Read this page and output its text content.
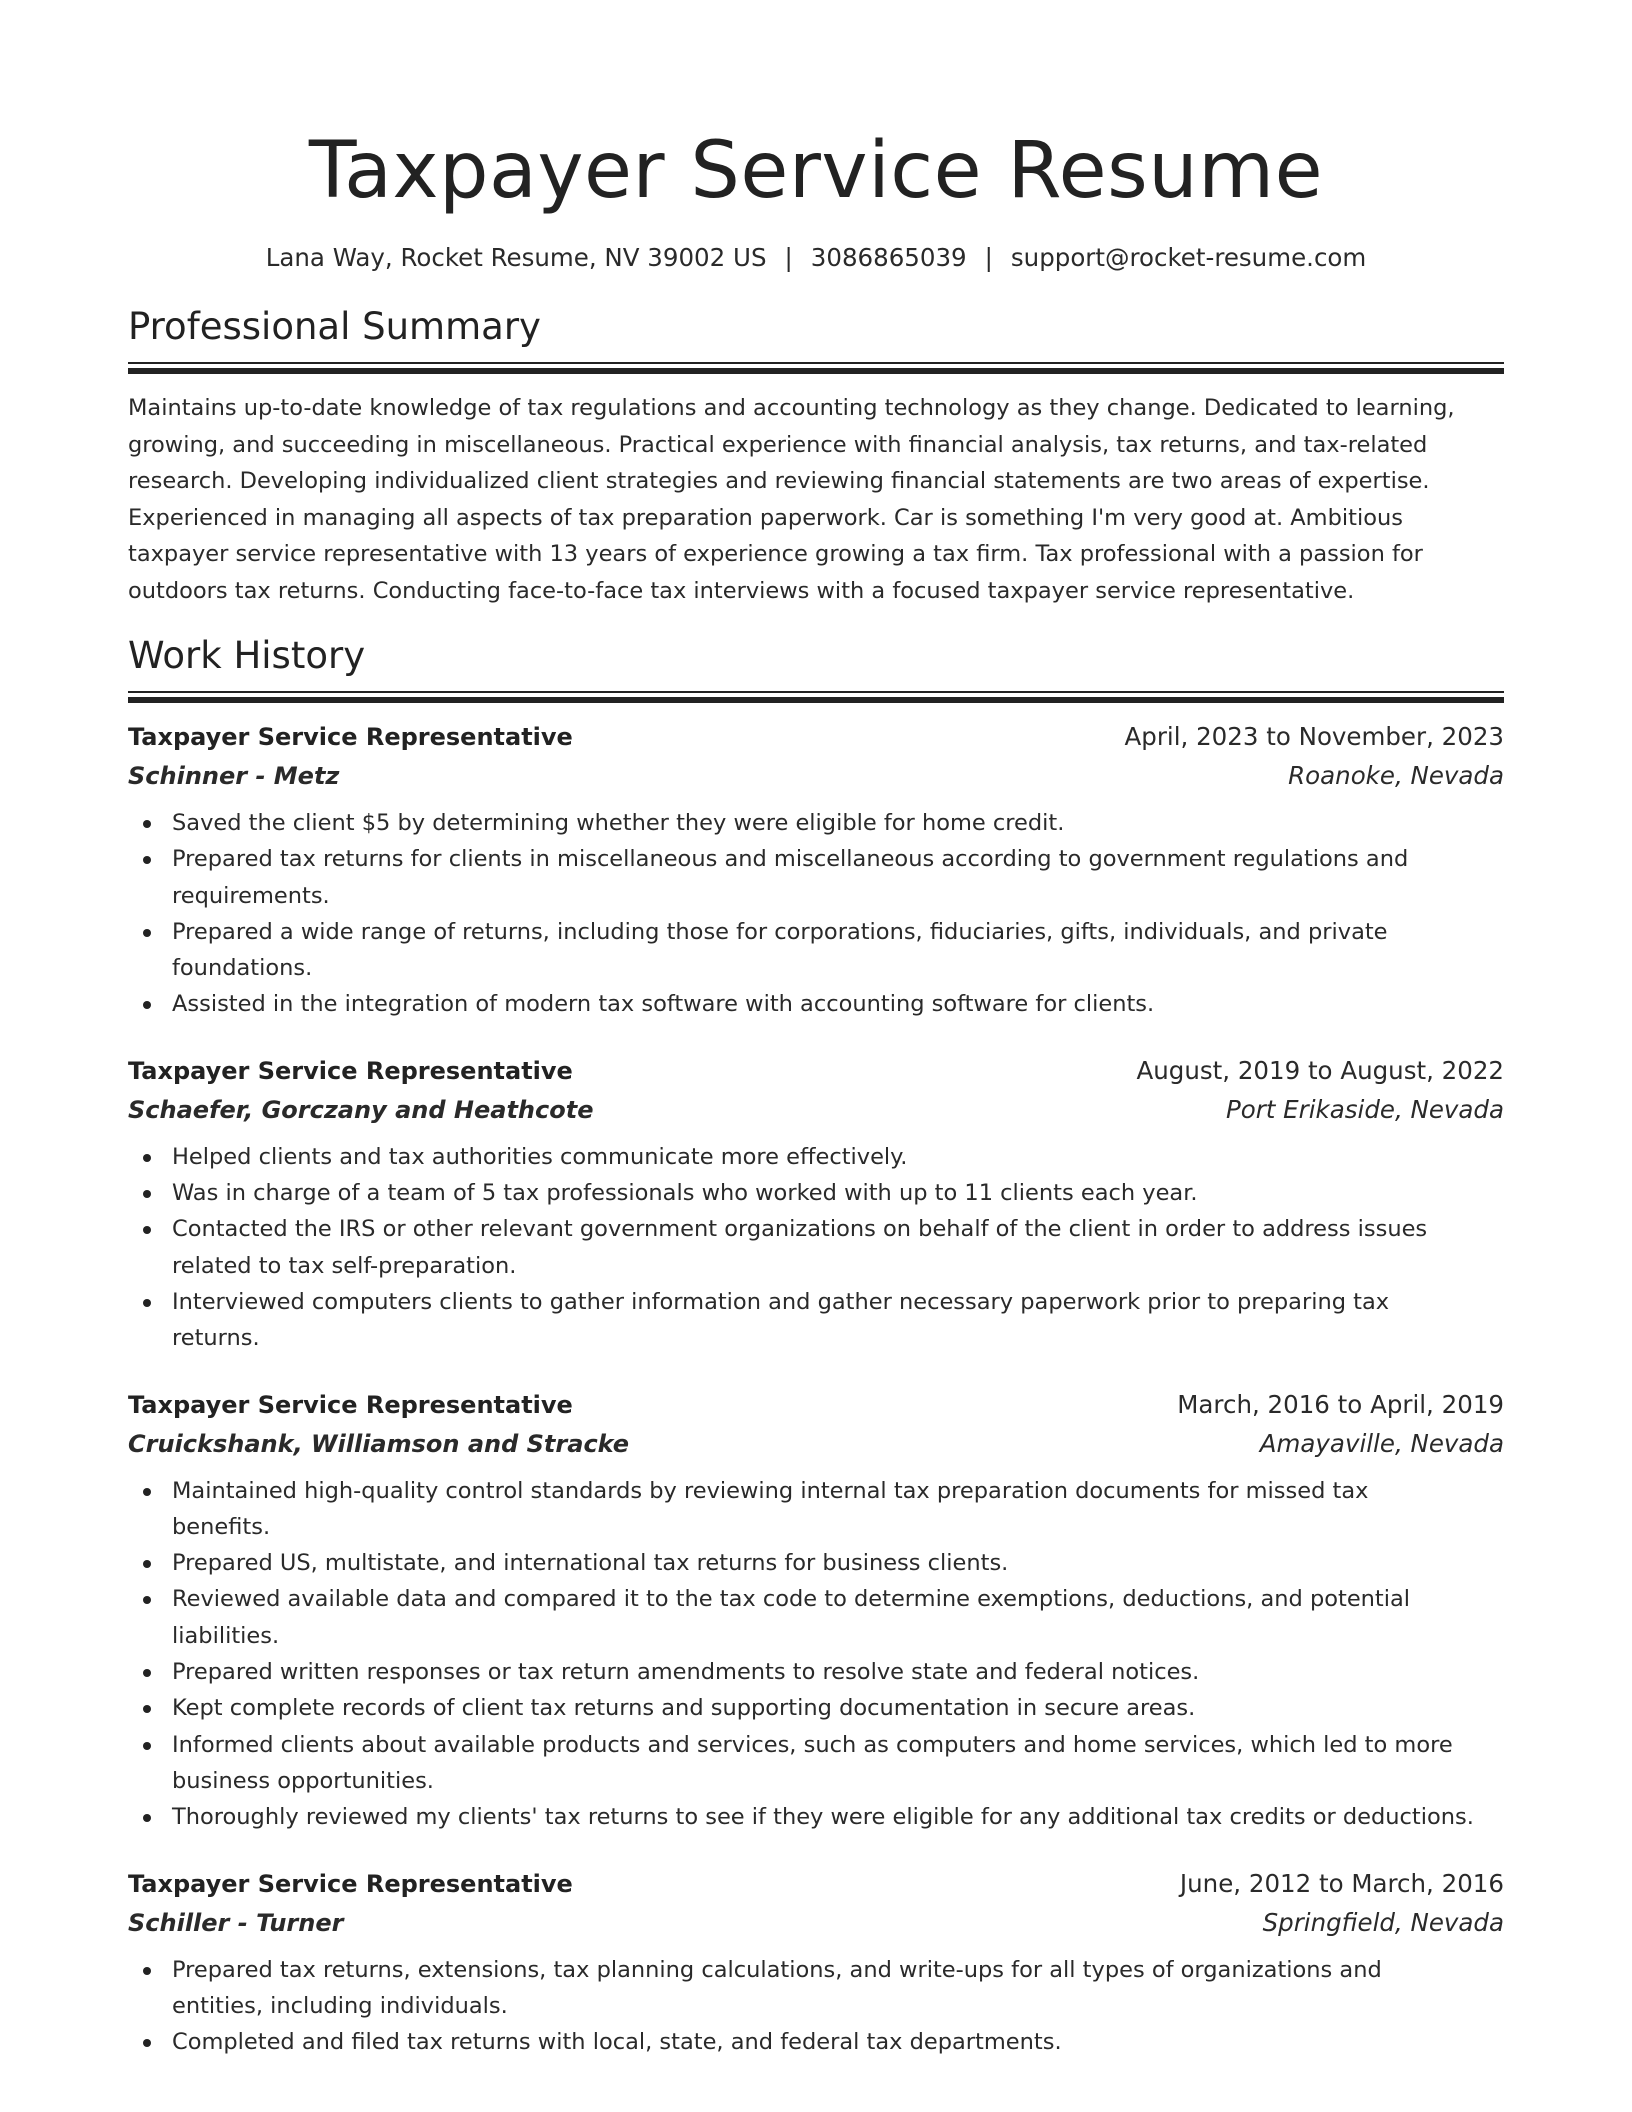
Taxpayer Service Resume
Lana Way, Rocket Resume, NV 39002 US | 3086865039 | support@rocket-resume.com
Professional Summary
Maintains up-to-date knowledge of tax regulations and accounting technology as they change. Dedicated to learning,
growing, and succeeding in miscellaneous. Practical experience with financial analysis, tax returns, and tax-related
research. Developing individualized client strategies and reviewing financial statements are two areas of expertise.
Experienced in managing all aspects of tax preparation paperwork. Car is something I'm very good at. Ambitious
taxpayer service representative with 13 years of experience growing a tax firm. Tax professional with a passion for
outdoors tax returns. Conducting face-to-face tax interviews with a focused taxpayer service representative.
Work History
Taxpayer Service Representative	April, 2023 to November, 2023
Schinner - Metz	Roanoke, Nevada
Saved the client $5 by determining whether they were eligible for home credit.
Prepared tax returns for clients in miscellaneous and miscellaneous according to government regulations and
requirements.
Prepared a wide range of returns, including those for corporations, fiduciaries, gifts, individuals, and private
foundations.
Assisted in the integration of modern tax software with accounting software for clients.
Taxpayer Service Representative	August, 2019 to August, 2022
Schaefer, Gorczany and Heathcote	Port Erikaside, Nevada
Helped clients and tax authorities communicate more effectively.
Was in charge of a team of 5 tax professionals who worked with up to 11 clients each year.
Contacted the IRS or other relevant government organizations on behalf of the client in order to address issues
related to tax self-preparation.
Interviewed computers clients to gather information and gather necessary paperwork prior to preparing tax
returns.
Taxpayer Service Representative	March, 2016 to April, 2019
Cruickshank, Williamson and Stracke	Amayaville, Nevada
Maintained high-quality control standards by reviewing internal tax preparation documents for missed tax
benefits.
Prepared US, multistate, and international tax returns for business clients.
Reviewed available data and compared it to the tax code to determine exemptions, deductions, and potential
liabilities.
Prepared written responses or tax return amendments to resolve state and federal notices.
Kept complete records of client tax returns and supporting documentation in secure areas.
Informed clients about available products and services, such as computers and home services, which led to more
business opportunities.
Thoroughly reviewed my clients' tax returns to see if they were eligible for any additional tax credits or deductions.
Taxpayer Service Representative	June, 2012 to March, 2016
Schiller - Turner	Springfield, Nevada
Prepared tax returns, extensions, tax planning calculations, and write-ups for all types of organizations and
entities, including individuals.
Completed and filed tax returns with local, state, and federal tax departments.
